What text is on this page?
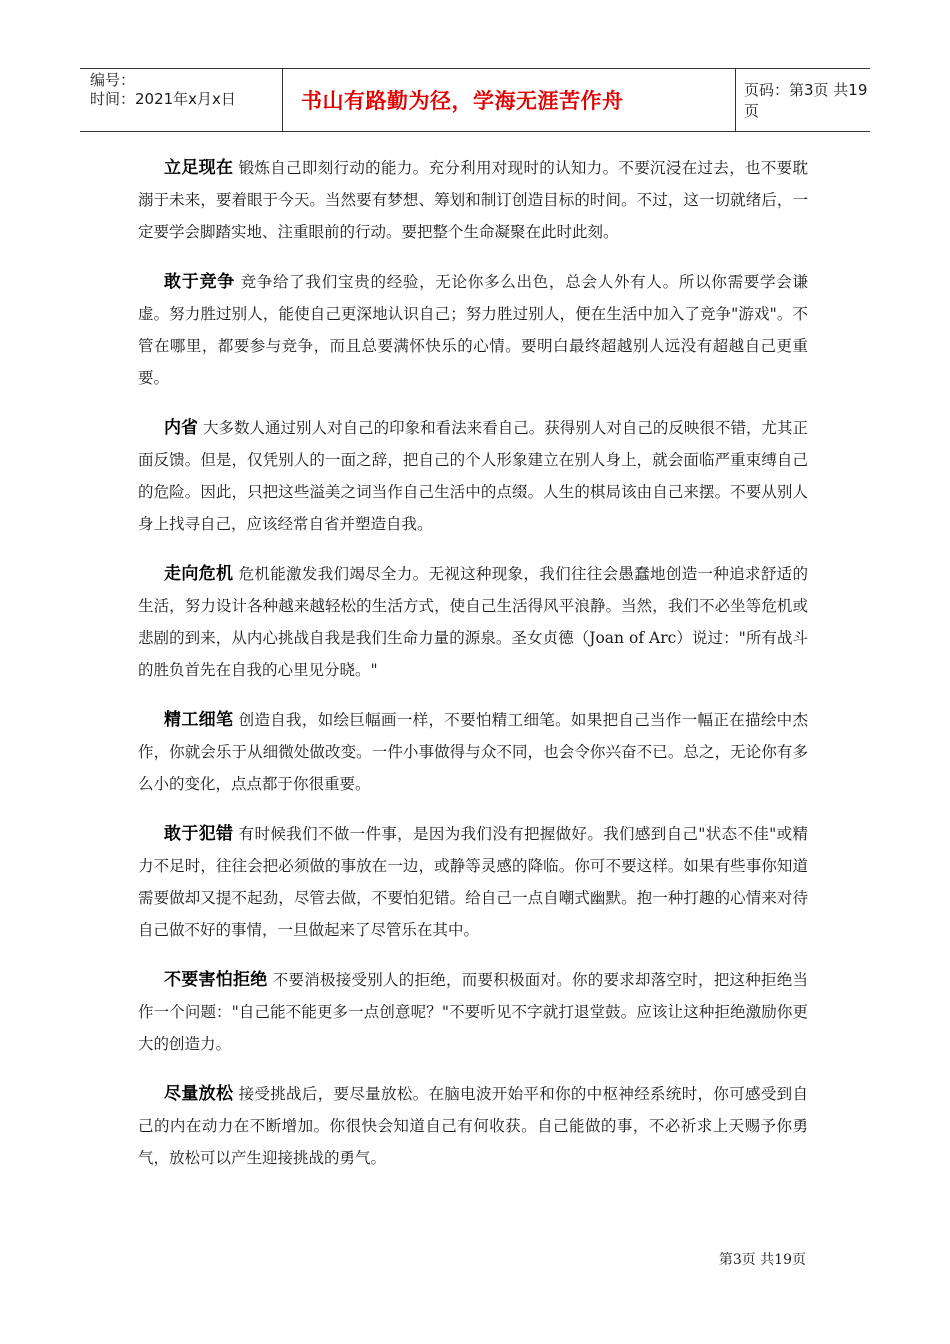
编号：
时间：2021年x月x日	书山有路勤为径，学海无涯苦作舟	页码：第3页 共19页

立足现在 锻炼自己即刻行动的能力。充分利用对现时的认知力。不要沉浸在过去，也不要耽溺于未来，要着眼于今天。当然要有梦想、筹划和制订创造目标的时间。不过，这一切就绪后，一定要学会脚踏实地、注重眼前的行动。要把整个生命凝聚在此时此刻。

敢于竞争 竞争给了我们宝贵的经验，无论你多么出色，总会人外有人。所以你需要学会谦虚。努力胜过别人，能使自己更深地认识自己；努力胜过别人，便在生活中加入了竞争"游戏"。不管在哪里，都要参与竞争，而且总要满怀快乐的心情。要明白最终超越别人远没有超越自己更重要。

内省 大多数人通过别人对自己的印象和看法来看自己。获得别人对自己的反映很不错，尤其正面反馈。但是，仅凭别人的一面之辞，把自己的个人形象建立在别人身上，就会面临严重束缚自己的危险。因此，只把这些溢美之词当作自己生活中的点缀。人生的棋局该由自己来摆。不要从别人身上找寻自己，应该经常自省并塑造自我。

走向危机 危机能激发我们竭尽全力。无视这种现象，我们往往会愚蠢地创造一种追求舒适的生活，努力设计各种越来越轻松的生活方式，使自己生活得风平浪静。当然，我们不必坐等危机或悲剧的到来，从内心挑战自我是我们生命力量的源泉。圣女贞德（Joan of Arc）说过："所有战斗的胜负首先在自我的心里见分晓。"

精工细笔 创造自我，如绘巨幅画一样，不要怕精工细笔。如果把自己当作一幅正在描绘中杰作，你就会乐于从细微处做改变。一件小事做得与众不同，也会令你兴奋不已。总之，无论你有多么小的变化，点点都于你很重要。

敢于犯错 有时候我们不做一件事，是因为我们没有把握做好。我们感到自己"状态不佳"或精力不足时，往往会把必须做的事放在一边，或静等灵感的降临。你可不要这样。如果有些事你知道需要做却又提不起劲，尽管去做，不要怕犯错。给自己一点自嘲式幽默。抱一种打趣的心情来对待自己做不好的事情，一旦做起来了尽管乐在其中。

不要害怕拒绝 不要消极接受别人的拒绝，而要积极面对。你的要求却落空时，把这种拒绝当作一个问题："自己能不能更多一点创意呢？"不要听见不字就打退堂鼓。应该让这种拒绝激励你更大的创造力。

尽量放松 接受挑战后，要尽量放松。在脑电波开始平和你的中枢神经系统时，你可感受到自己的内在动力在不断增加。你很快会知道自己有何收获。自己能做的事，不必祈求上天赐予你勇气，放松可以产生迎接挑战的勇气。

第3页 共19页
